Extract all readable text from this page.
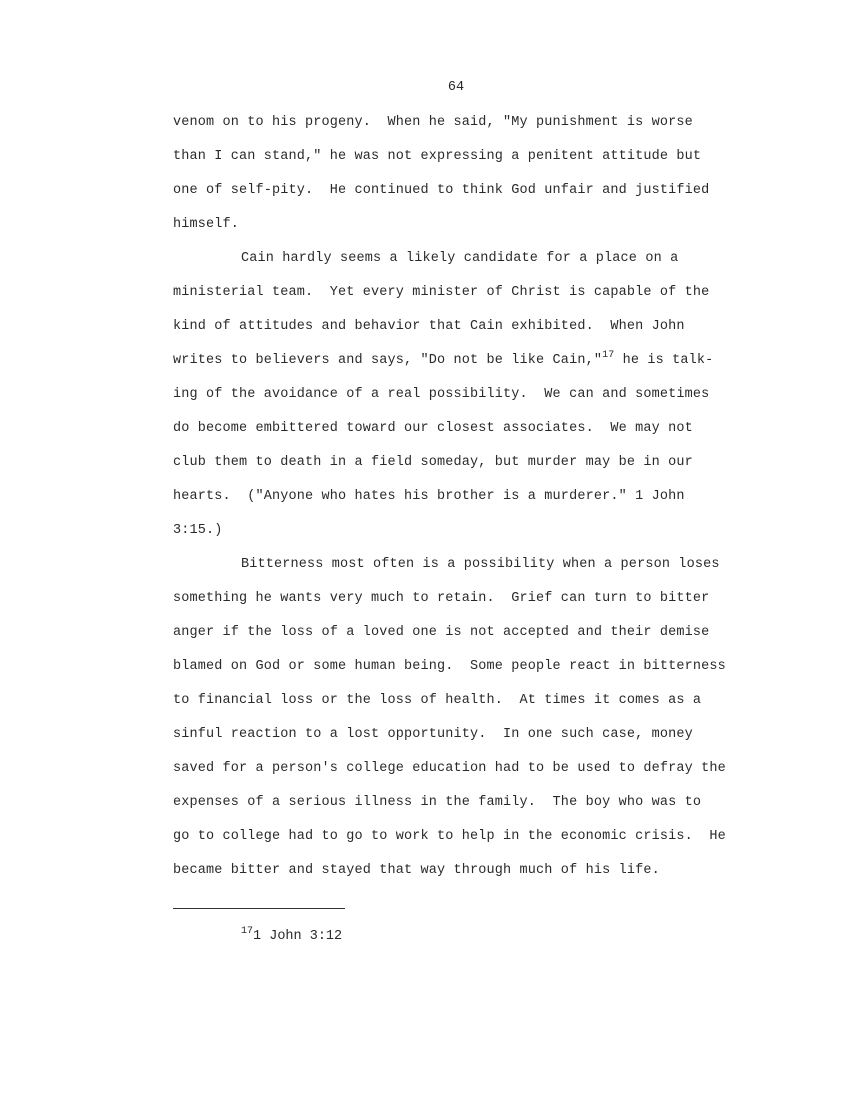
64
venom on to his progeny.  When he said, "My punishment is worse
than I can stand," he was not expressing a penitent attitude but
one of self-pity.  He continued to think God unfair and justified
himself.
Cain hardly seems a likely candidate for a place on a
ministerial team.  Yet every minister of Christ is capable of the
kind of attitudes and behavior that Cain exhibited.  When John
writes to believers and says, "Do not be like Cain,"$^{17}$ he is talk-
ing of the avoidance of a real possibility.  We can and sometimes
do become embittered toward our closest associates.  We may not
club them to death in a field someday, but murder may be in our
hearts.  ("Anyone who hates his brother is a murderer." 1 John
3:15.)
Bitterness most often is a possibility when a person loses
something he wants very much to retain.  Grief can turn to bitter
anger if the loss of a loved one is not accepted and their demise
blamed on God or some human being.  Some people react in bitterness
to financial loss or the loss of health.  At times it comes as a
sinful reaction to a lost opportunity.  In one such case, money
saved for a person's college education had to be used to defray the
expenses of a serious illness in the family.  The boy who was to
go to college had to go to work to help in the economic crisis.  He
became bitter and stayed that way through much of his life.
$^{17}$1 John 3:12
